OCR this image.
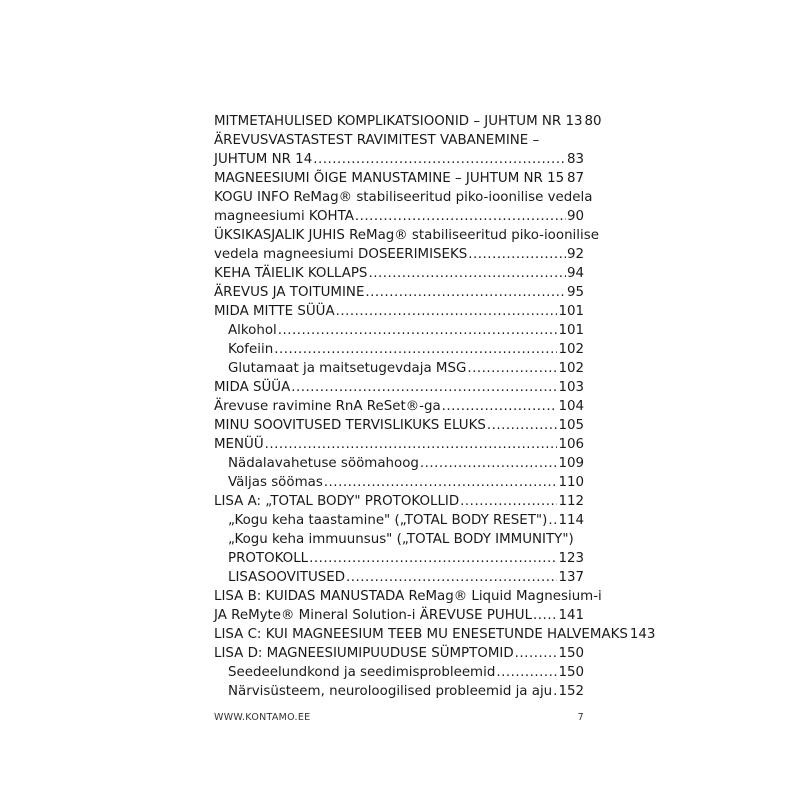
MITMETAHULISED KOMPLIKATSIOONID – JUHTUM NR 13 80
ÄREVUSVASTASTEST RAVIMITEST VABANEMINE –
JUHTUM NR 14 .....	83
MAGNEESIUMI ÕIGE MANUSTAMINE – JUHTUM NR 15 ..... 87
KOGU INFO ReMag® stabiliseeritud piko-ioonilise vedela
magneesiumi KOHTA .....	90
ÜKSIKASJALIK JUHIS ReMag® stabiliseeritud piko-ioonilise
vedela magneesiumi DOSEERIMISEKS .....	92
KEHA TÄIELIK KOLLAPS .....	94
ÄREVUS JA TOITUMINE .....	95
MIDA MITTE SÜÜA .....	101
Alkohol .....	101
Kofeiin .....	102
Glutamaat ja maitsetugevdaja MSG .....	102
MIDA SÜÜA .....	103
Ärevuse ravimine RnA ReSet®-ga .....	104
MINU SOOVITUSED TERVISLIKUKS ELUKS .....	105
MENÜÜ .....	106
Nädalavahetuse söömahoog .....	109
Väljas söömas .....	110
LISA A: „TOTAL BODY" PROTOKOLLID .....	112
„Kogu keha taastamine" („TOTAL BODY RESET") ..... 114
„Kogu keha immuunsus" („TOTAL BODY IMMUNITY")
PROTOKOLL .....	123
LISASOOVITUSED .....	137
LISA B: KUIDAS MANUSTADA ReMag® Liquid Magnesium-i
JA ReMyte® Mineral Solution-i ÄREVUSE PUHUL ..... 141
LISA C: KUI MAGNEESIUM TEEB MU ENESETUNDE HALVEMAKS 143
LISA D: MAGNEESIUMIPUUDUSE SÜMPTOMID .....	150
Seedeelundkond ja seedimisprobleemid .....	150
Närvisüsteem, neuroloogilised probleemid ja aju ..... 152
WWW.KONTAMO.EE	7
